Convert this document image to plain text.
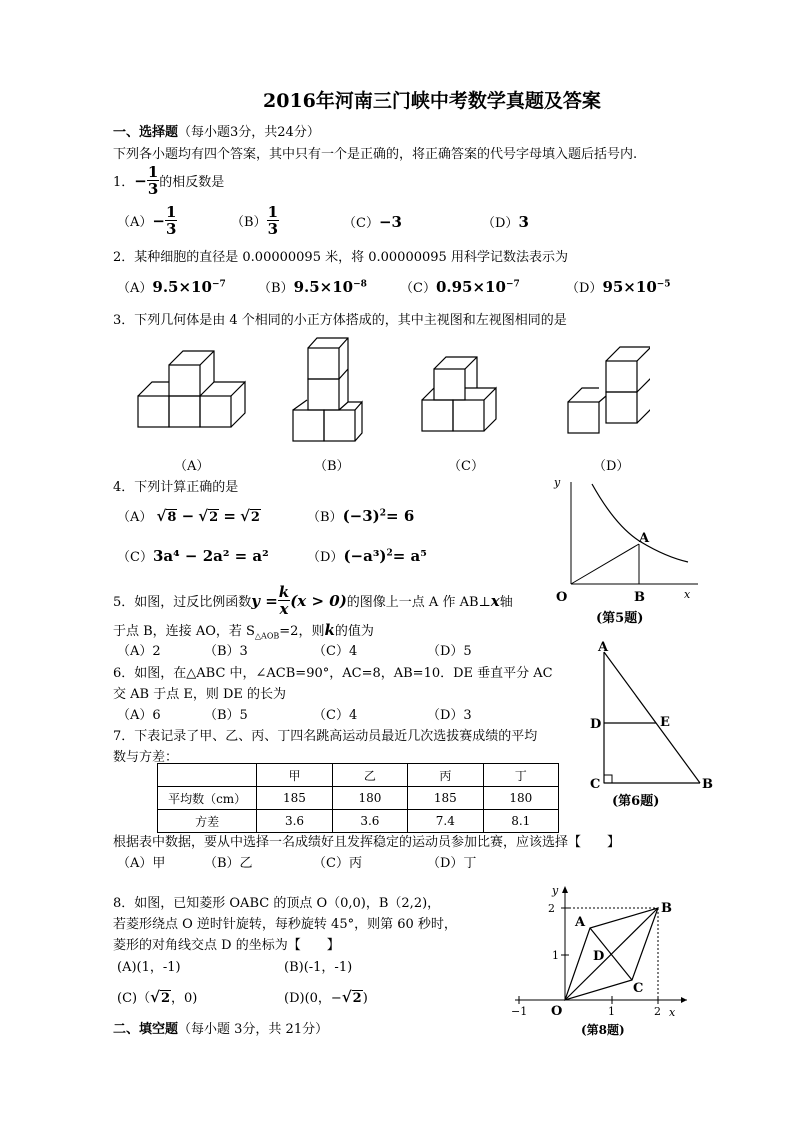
2016年河南三门峡中考数学真题及答案
一、选择题（每小题3分，共24分）
下列各小题均有四个答案，其中只有一个是正确的，将正确答案的代号字母填入题后括号内.
1． − $\frac{1}{3}$ 的相反数是
$(A) - \frac{1}{3}$	$(B) \frac{1}{3}$	（C）−3	（D）3
2．某种细胞的直径是 0.00000095 米，将 0.00000095 用科学记数法表示为
$(A)9.5\times 10^{-7}$ $(B)9.5\times 10^{-8}$	$(C)0.95\times 10^{-7}$	$(D)95\times 10^{-5}$
3．下列几何体是由 4 个相同的小正方体搭成的，其中主视图和左视图相同的是
（A）	（B）	（C）	（D）
4．下列计算正确的是
（A） √8 − √2 = √2	$(B)(-3)^2= 6$
（C）3a⁴ − 2a² = a²	$(D)(-a^3)^2= a^5$
y
x
O
A
B
(第5题)
5．如图，过反比例函数 $y = \frac{k}{x} (x > 0)$ 的图像上一点 A 作 AB⊥ x 轴
于点 B，连接 AO，若 $S_{\triangle AOB}=2$，则k的值为
（A）2	（B）3	（C）4	（D）5
6．如图，在△ABC 中，∠ACB=90°，AC=8，AB=10．DE 垂直平分 AC
交 AB 于点 E，则 DE 的长为
（A）6	（B）5	（C）4	（D）3
A
D	E
C	B
(第6题)
7．下表记录了甲、乙、丙、丁四名跳高运动员最近几次选拔赛成绩的平均
数与方差：
	甲	乙	丙	丁
平均数（cm）	185	180	185	180
方差	3.6	3.6	7.4	8.1
根据表中数据，要从中选择一名成绩好且发挥稳定的运动员参加比赛，应该选择【　　】
（A）甲	（B）乙	（C）丙	（D）丁
8．如图，已知菱形 OABC 的顶点 O（0,0)，B（2,2)，
若菱形绕点 O 逆时针旋转，每秒旋转 45°，则第 60 秒时，
菱形的对角线交点 D 的坐标为【　　】
(A)(1，-1)	(B)(-1，-1)
(C)（√2，0)	(D)(0，−√2)
y
x
2
1
−1	1	2
O
A
B
C
D
(第8题)
二、填空题（每小题 3分，共 21分）
